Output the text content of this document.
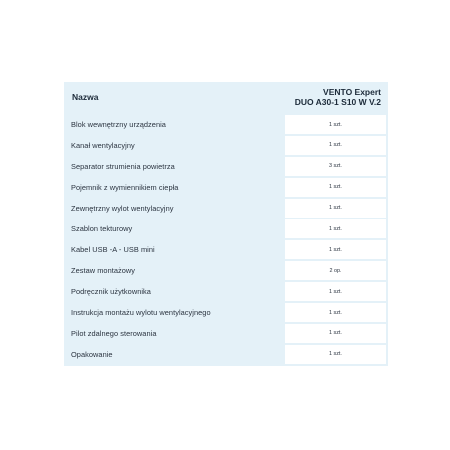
Nazwa	VENTO Expert
DUO A30-1 S10 W V.2
Blok wewnętrzny urządzenia	1 szt.
Kanał wentylacyjny	1 szt.
Separator strumienia powietrza	3 szt.
Pojemnik z wymiennikiem ciepła	1 szt.
Zewnętrzny wylot wentylacyjny	1 szt.
Szablon tekturowy	1 szt.
Kabel USB -A - USB mini	1 szt.
Zestaw montażowy	2 op.
Podręcznik użytkownika	1 szt.
Instrukcja montażu wylotu wentylacyjnego	1 szt.
Pilot zdalnego sterowania	1 szt.
Opakowanie	1 szt.
